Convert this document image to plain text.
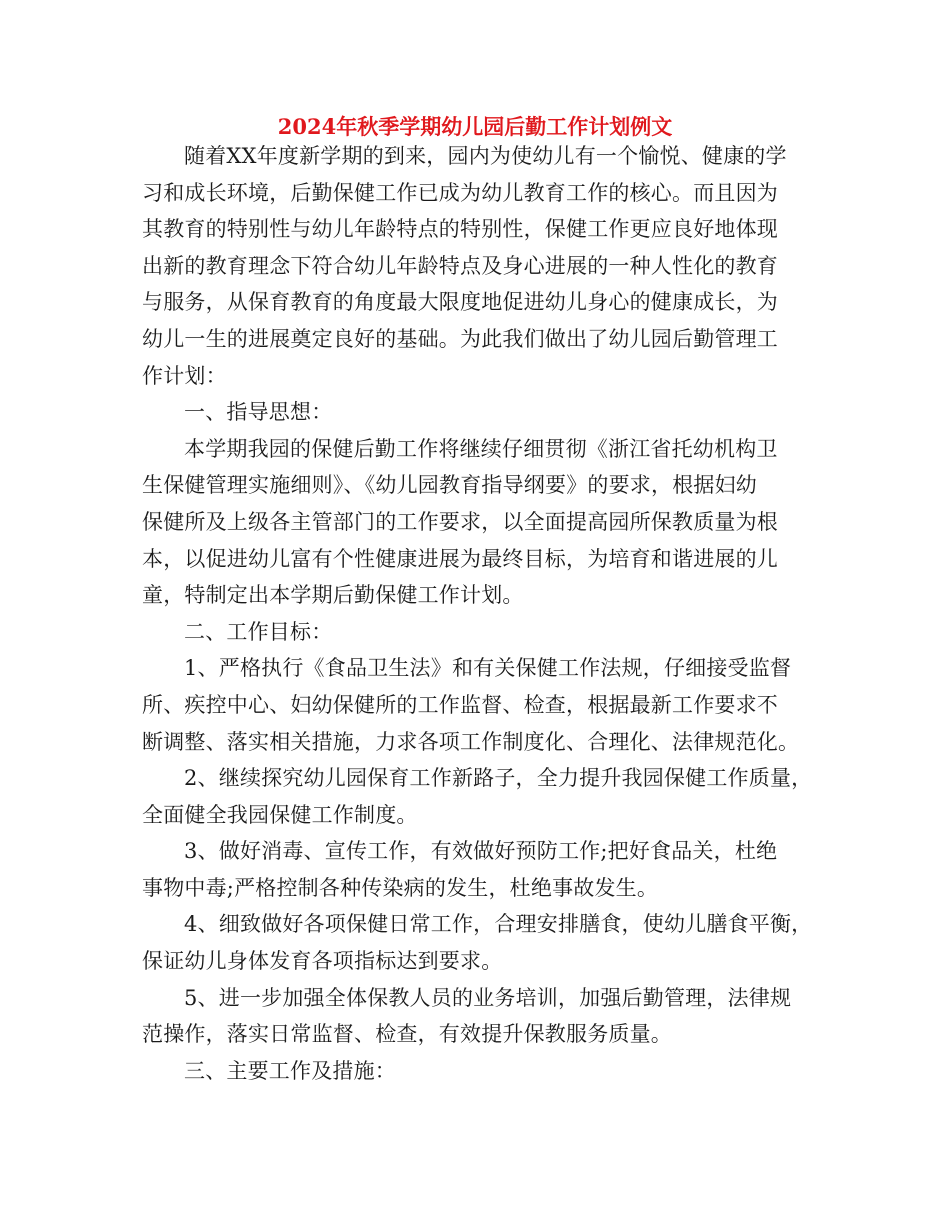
2024年秋季学期幼儿园后勤工作计划例文
随着XX年度新学期的到来，园内为使幼儿有一个愉悦、健康的学
习和成长环境，后勤保健工作已成为幼儿教育工作的核心。而且因为
其教育的特别性与幼儿年龄特点的特别性，保健工作更应良好地体现
出新的教育理念下符合幼儿年龄特点及身心进展的一种人性化的教育
与服务，从保育教育的角度最大限度地促进幼儿身心的健康成长，为
幼儿一生的进展奠定良好的基础。为此我们做出了幼儿园后勤管理工
作计划：
一、指导思想：
本学期我园的保健后勤工作将继续仔细贯彻《浙江省托幼机构卫
生保健管理实施细则》、《幼儿园教育指导纲要》的要求，根据妇幼
保健所及上级各主管部门的工作要求，以全面提高园所保教质量为根
本，以促进幼儿富有个性健康进展为最终目标，为培育和谐进展的儿
童，特制定出本学期后勤保健工作计划。
二、工作目标：
1、严格执行《食品卫生法》和有关保健工作法规，仔细接受监督
所、疾控中心、妇幼保健所的工作监督、检查，根据最新工作要求不
断调整、落实相关措施，力求各项工作制度化、合理化、法律规范化。
2、继续探究幼儿园保育工作新路子，全力提升我园保健工作质量，
全面健全我园保健工作制度。
3、做好消毒、宣传工作，有效做好预防工作;把好食品关，杜绝
事物中毒;严格控制各种传染病的发生，杜绝事故发生。
4、细致做好各项保健日常工作，合理安排膳食，使幼儿膳食平衡，
保证幼儿身体发育各项指标达到要求。
5、进一步加强全体保教人员的业务培训，加强后勤管理，法律规
范操作，落实日常监督、检查，有效提升保教服务质量。
三、主要工作及措施：
